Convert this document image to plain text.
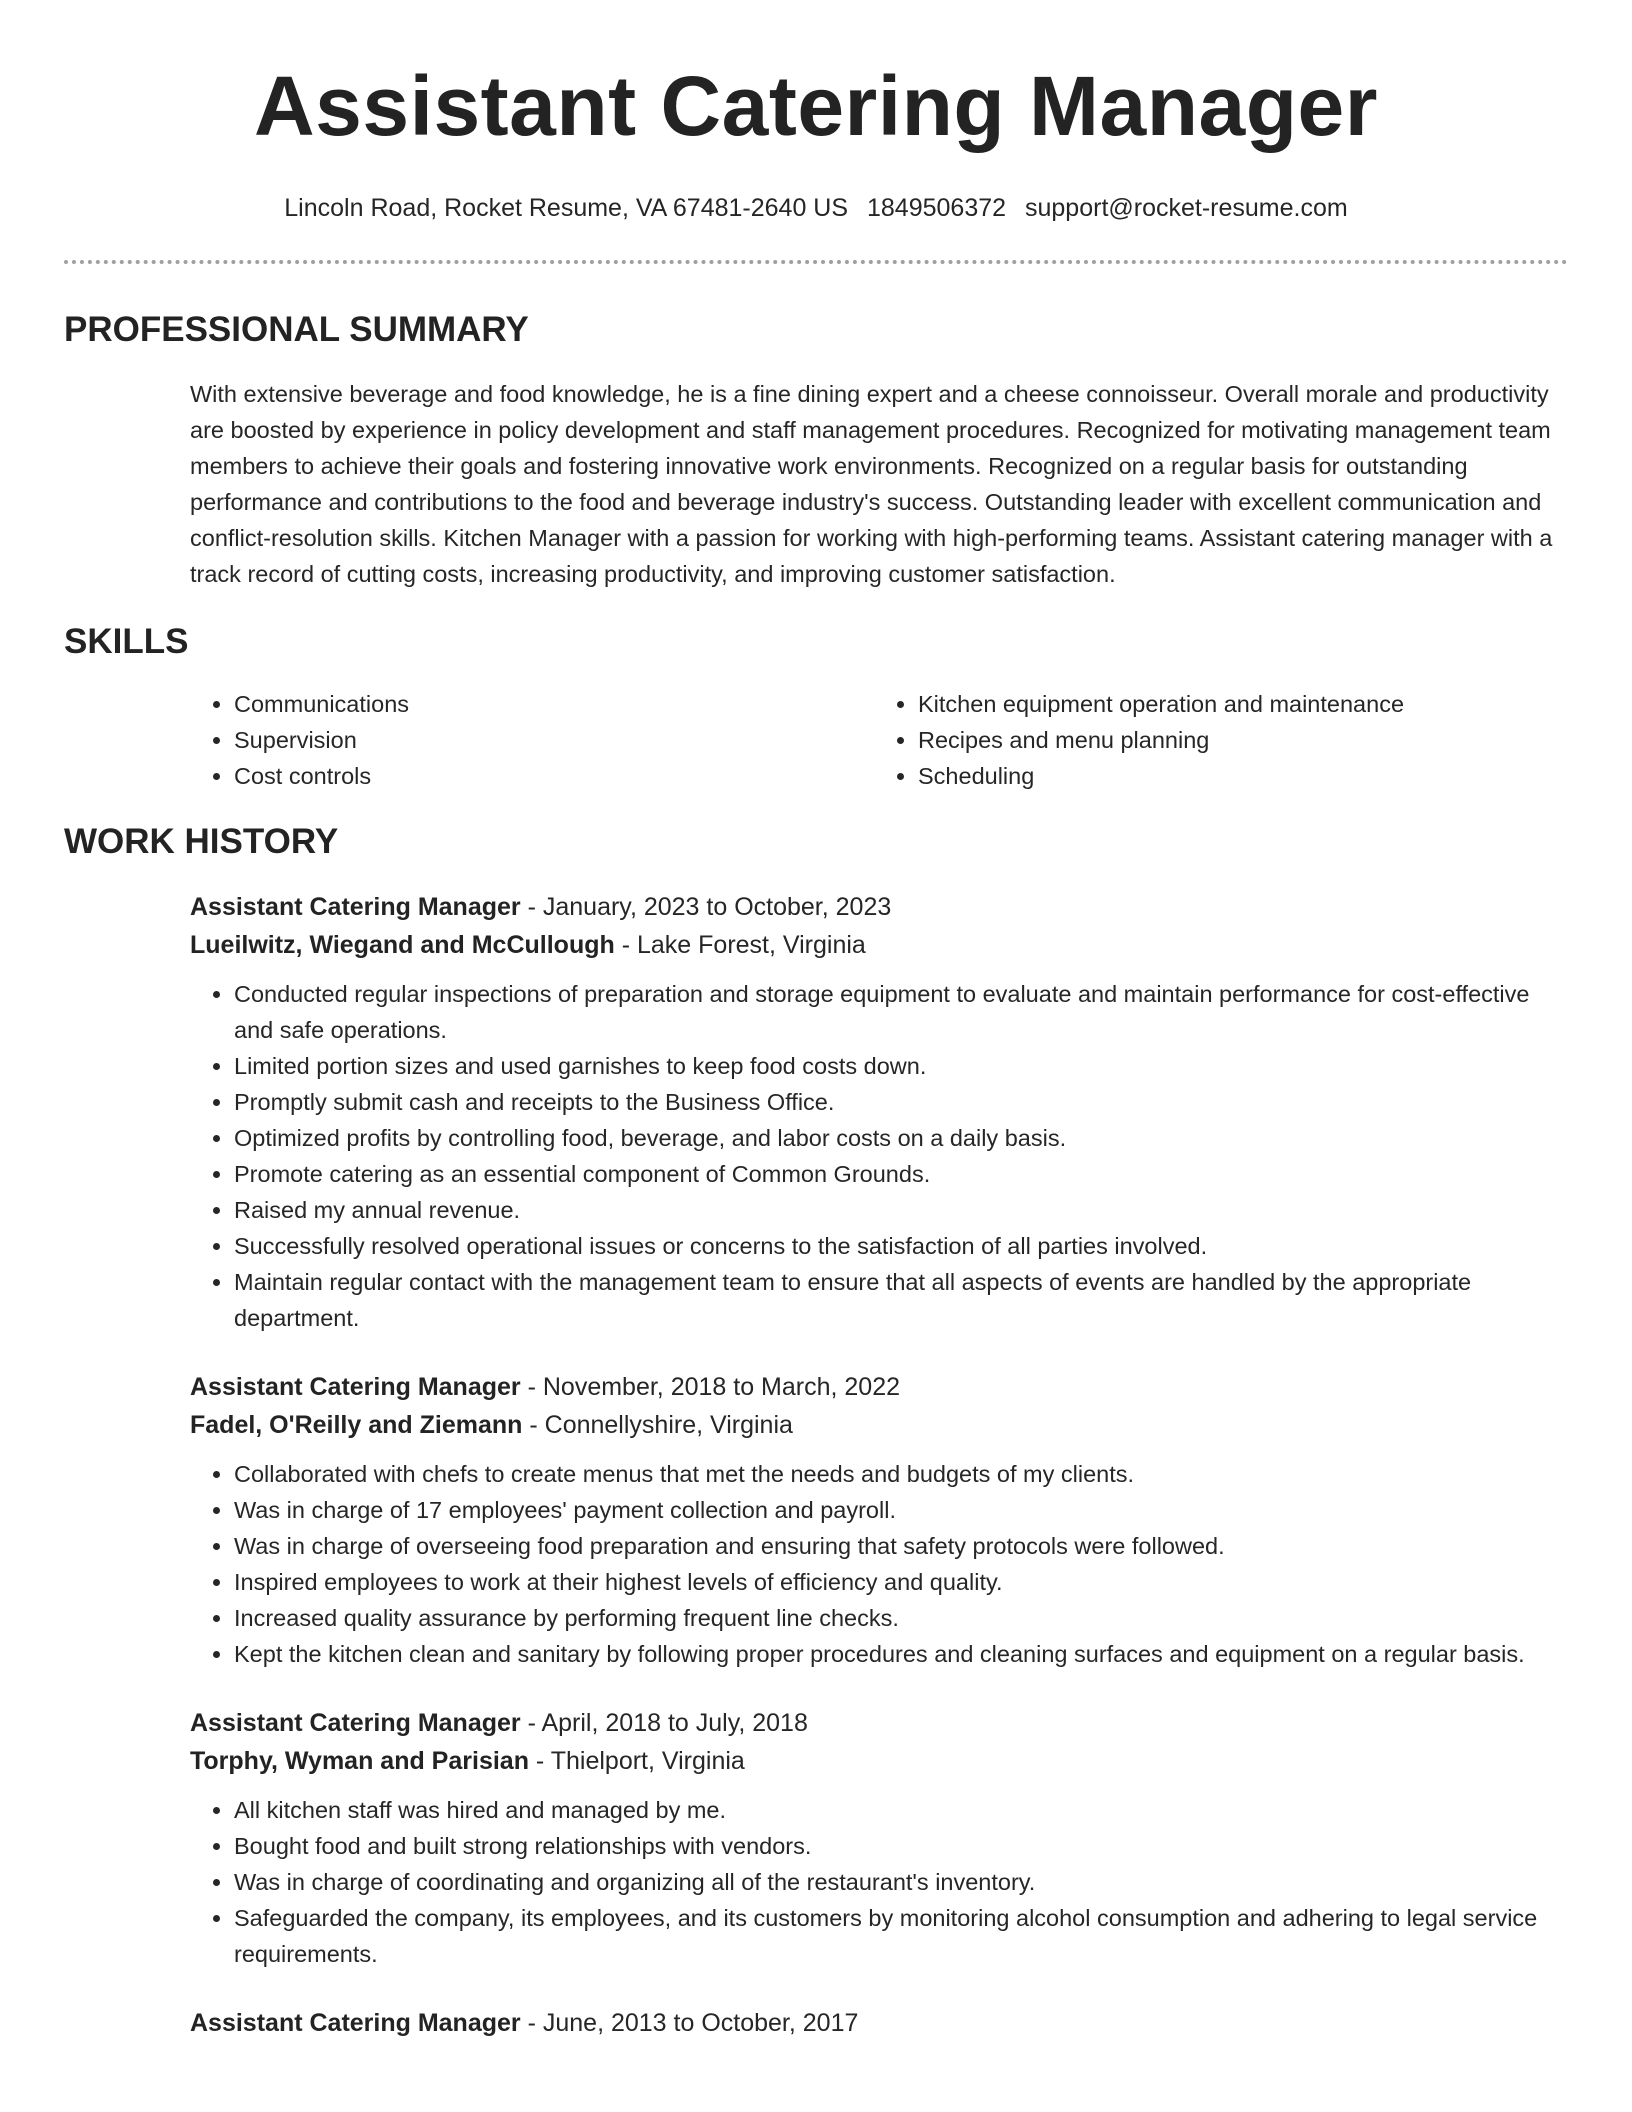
Assistant Catering Manager
Lincoln Road, Rocket Resume, VA 67481-2640 US 1849506372 support@rocket-resume.com
PROFESSIONAL SUMMARY
With extensive beverage and food knowledge, he is a fine dining expert and a cheese connoisseur. Overall morale and productivity are boosted by experience in policy development and staff management procedures. Recognized for motivating management team members to achieve their goals and fostering innovative work environments. Recognized on a regular basis for outstanding performance and contributions to the food and beverage industry's success. Outstanding leader with excellent communication and conflict-resolution skills. Kitchen Manager with a passion for working with high-performing teams. Assistant catering manager with a track record of cutting costs, increasing productivity, and improving customer satisfaction.
SKILLS
• Communications
• Supervision
• Cost controls
• Kitchen equipment operation and maintenance
• Recipes and menu planning
• Scheduling
WORK HISTORY
Assistant Catering Manager - January, 2023 to October, 2023
Lueilwitz, Wiegand and McCullough - Lake Forest, Virginia
• Conducted regular inspections of preparation and storage equipment to evaluate and maintain performance for cost-effective and safe operations.
• Limited portion sizes and used garnishes to keep food costs down.
• Promptly submit cash and receipts to the Business Office.
• Optimized profits by controlling food, beverage, and labor costs on a daily basis.
• Promote catering as an essential component of Common Grounds.
• Raised my annual revenue.
• Successfully resolved operational issues or concerns to the satisfaction of all parties involved.
• Maintain regular contact with the management team to ensure that all aspects of events are handled by the appropriate department.
Assistant Catering Manager - November, 2018 to March, 2022
Fadel, O'Reilly and Ziemann - Connellyshire, Virginia
• Collaborated with chefs to create menus that met the needs and budgets of my clients.
• Was in charge of 17 employees' payment collection and payroll.
• Was in charge of overseeing food preparation and ensuring that safety protocols were followed.
• Inspired employees to work at their highest levels of efficiency and quality.
• Increased quality assurance by performing frequent line checks.
• Kept the kitchen clean and sanitary by following proper procedures and cleaning surfaces and equipment on a regular basis.
Assistant Catering Manager - April, 2018 to July, 2018
Torphy, Wyman and Parisian - Thielport, Virginia
• All kitchen staff was hired and managed by me.
• Bought food and built strong relationships with vendors.
• Was in charge of coordinating and organizing all of the restaurant's inventory.
• Safeguarded the company, its employees, and its customers by monitoring alcohol consumption and adhering to legal service requirements.
Assistant Catering Manager - June, 2013 to October, 2017
